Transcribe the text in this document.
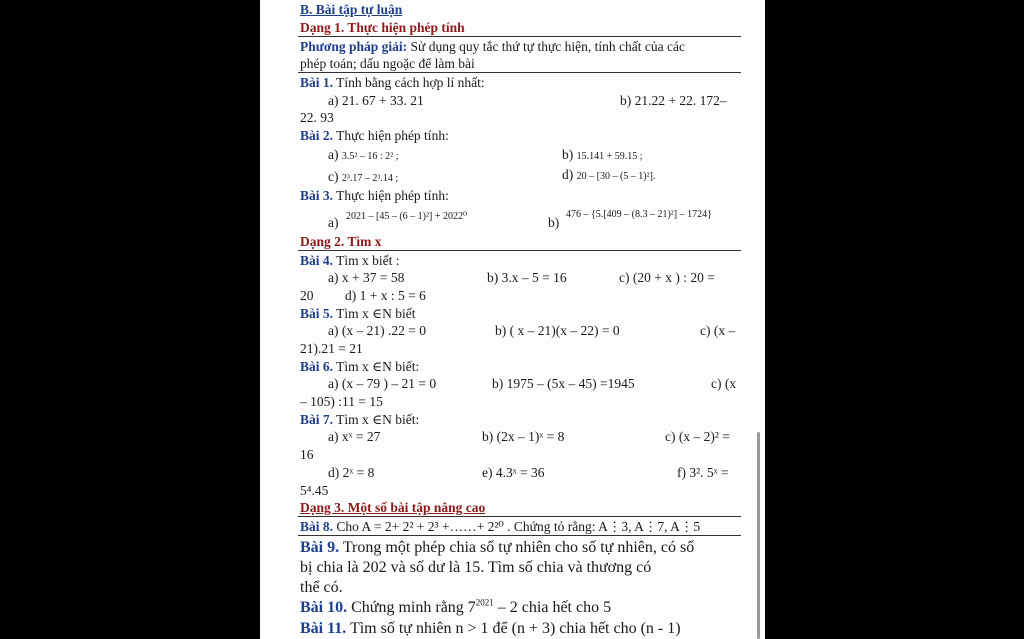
B. Bài tập tự luận
Dạng 1. Thực hiện phép tính
Phương pháp giải: Sử dụng quy tắc thứ tự thực hiện, tính chất của các
phép toán; dấu ngoặc để làm bài
Bài 1. Tính bằng cách hợp lí nhất:
a) 21. 67 + 33. 21	b) 21.22 + 22. 172–
22. 93
Bài 2. Thực hiện phép tính:
a) 3.5² – 16 : 2² ;	b) 15.141 + 59.15 ;
c) 2³.17 – 2³.14 ;	d) 20 – [30 – (5 – 1)²].
Bài 3. Thực hiện phép tính:
a) 2021 – [45 – (6 – 1)²] + 2022⁰	b)
476 – {5.[409 – (8.3 – 21)²] – 1724}
Dạng 2. Tìm x
Bài 4. Tìm x biết :
a) x + 37 = 58	b) 3.x – 5 = 16	c) (20 + x ) : 20 =
20 d) 1 + x : 5 = 6
Bài 5. Tìm x ∈N biết
a) (x – 21) .22 = 0	b) ( x – 21)(x – 22) = 0	c) (x –
21).21 = 21
Bài 6. Tìm x ∈N biết:
a) (x – 79 ) – 21 = 0	b) 1975 – (5x – 45) =1945	c) (x
– 105) :11 = 15
Bài 7. Tìm x ∈N biết:
a) xˣ = 27	b) (2x – 1)ˣ = 8	c) (x – 2)² =
16
d) 2ˣ = 8	e) 4.3ˣ = 36	f) 3². 5ˣ =
5⁴.45
Dạng 3. Một số bài tập nâng cao
Bài 8. Cho A = 2+ 2² + 2³ +……+ 2²⁰ . Chứng tỏ rằng: A⋮3, A⋮7, A⋮5
Bài 9. Trong một phép chia số tự nhiên cho số tự nhiên, có số
bị chia là 202 và số dư là 15. Tìm số chia và thương có
thể có.
Bài 10. Chứng minh rằng $7^{2021} - 2$ chia hết cho 5
Bài 11. Tìm số tự nhiên n > 1 để (n + 3) chia hết cho (n - 1)
